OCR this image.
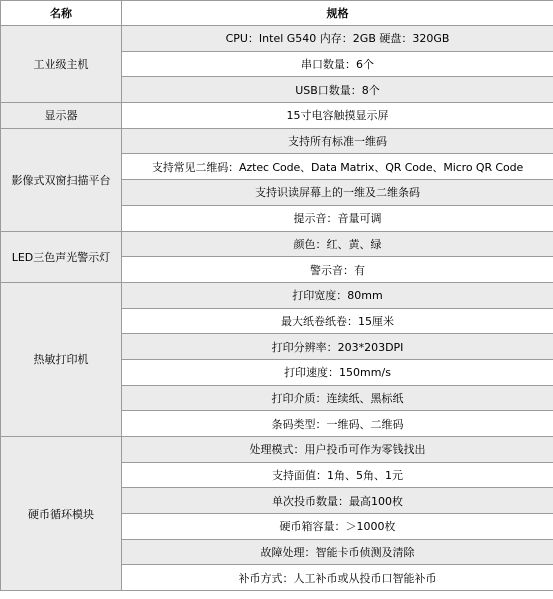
名称	规格
工业级主机	CPU：Intel G540 内存：2GB 硬盘：320GB
	串口数量：6个
	USB口数量：8个
显示器	15寸电容触摸显示屏
影像式双窗扫描平台	支持所有标准一维码
	支持常见二维码：Aztec Code、Data Matrix、QR Code、Micro QR Code
	支持识读屏幕上的一维及二维条码
	提示音：音量可调
LED三色声光警示灯	颜色：红、黄、绿
	警示音：有
热敏打印机	打印宽度：80mm
	最大纸卷纸卷：15厘米
	打印分辨率：203*203DPI
	打印速度：150mm/s
	打印介质：连续纸、黑标纸
	条码类型：一维码、二维码
硬币循环模块	处理模式：用户投币可作为零钱找出
	支持面值：1角、5角、1元
	单次投币数量：最高100枚
	硬币箱容量：＞1000枚
	故障处理：智能卡币侦测及清除
	补币方式：人工补币或从投币口智能补币
